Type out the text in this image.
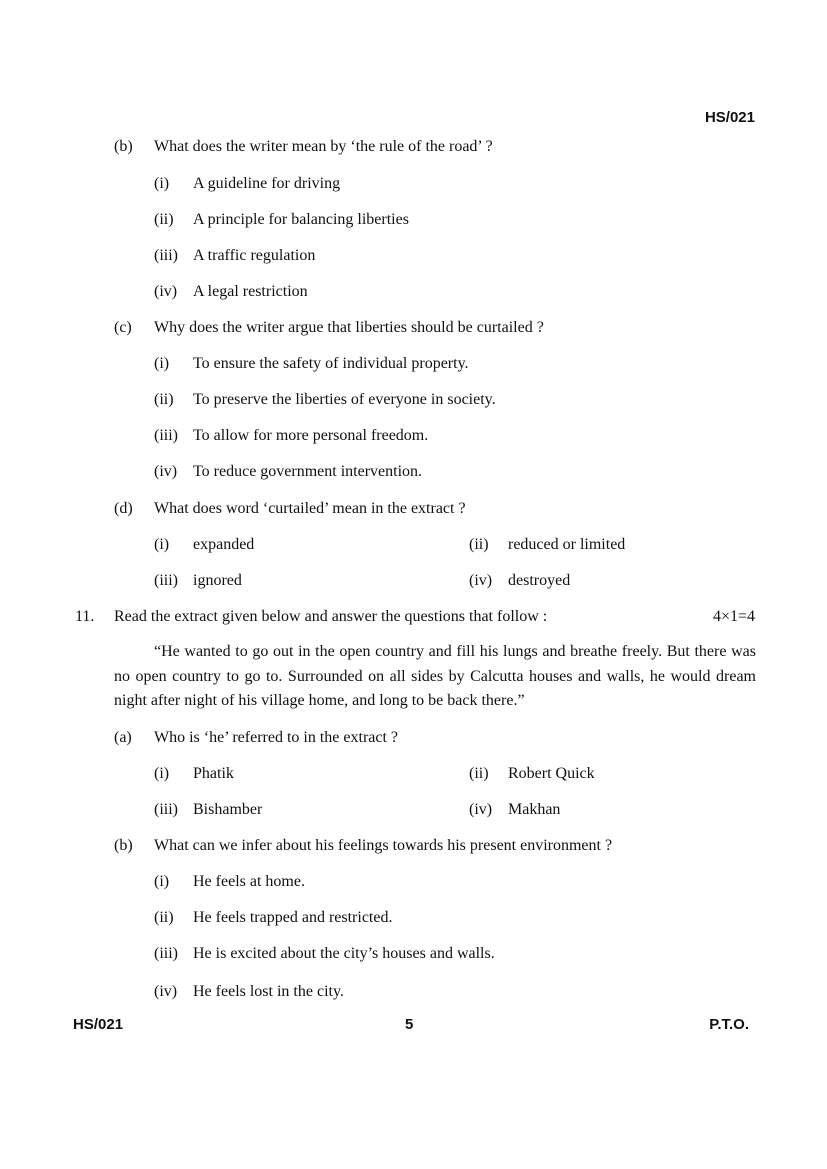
HS/021
(b) What does the writer mean by ‘the rule of the road’ ?
(i) A guideline for driving
(ii) A principle for balancing liberties
(iii) A traffic regulation
(iv) A legal restriction
(c) Why does the writer argue that liberties should be curtailed ?
(i) To ensure the safety of individual property.
(ii) To preserve the liberties of everyone in society.
(iii) To allow for more personal freedom.
(iv) To reduce government intervention.
(d) What does word ‘curtailed’ mean in the extract ?
(i) expanded	(ii) reduced or limited
(iii) ignored	(iv) destroyed
11. Read the extract given below and answer the questions that follow :	4×1=4
“He wanted to go out in the open country and fill his lungs and breathe freely. But there was no open country to go to. Surrounded on all sides by Calcutta houses and walls, he would dream night after night of his village home, and long to be back there.”
(a) Who is ‘he’ referred to in the extract ?
(i) Phatik	(ii) Robert Quick
(iii) Bishamber	(iv) Makhan
(b) What can we infer about his feelings towards his present environment ?
(i) He feels at home.
(ii) He feels trapped and restricted.
(iii) He is excited about the city’s houses and walls.
(iv) He feels lost in the city.
HS/021	5	P.T.O.
